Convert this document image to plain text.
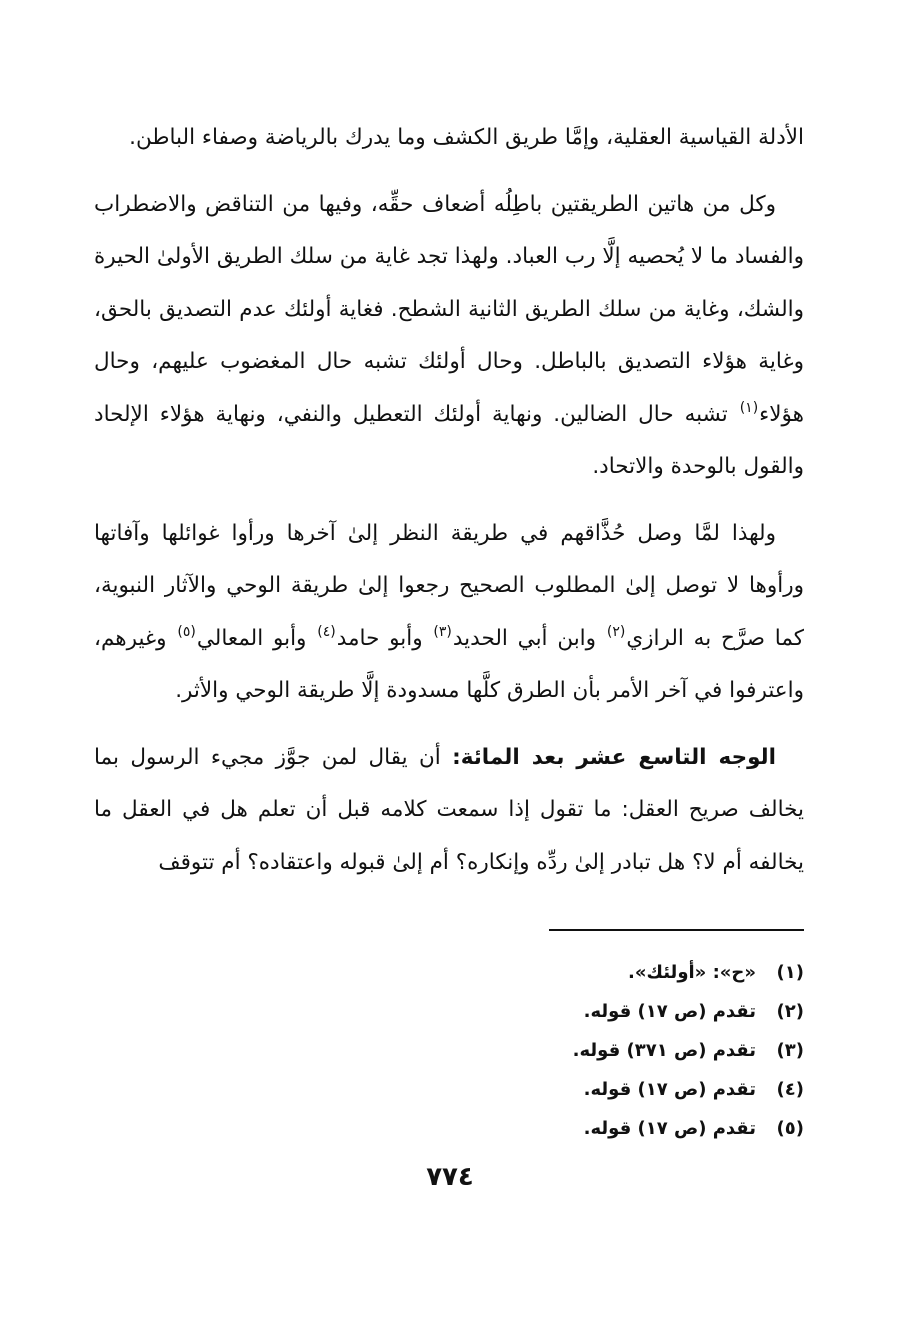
الأدلة القياسية العقلية، وإمَّا طريق الكشف وما يدرك بالرياضة وصفاء الباطن.

وكل من هاتين الطريقتين باطِلُه أضعاف حقِّه، وفيها من التناقض والاضطراب والفساد ما لا يُحصيه إلَّا رب العباد. ولهذا تجد غاية من سلك الطريق الأولىٰ الحيرة والشك، وغاية من سلك الطريق الثانية الشطح. فغاية أولئك عدم التصديق بالحق، وغاية هؤلاء التصديق بالباطل. وحال أولئك تشبه حال المغضوب عليهم، وحال هؤلاء$^{(١)}$ تشبه حال الضالين. ونهاية أولئك التعطيل والنفي، ونهاية هؤلاء الإلحاد والقول بالوحدة والاتحاد.

ولهذا لمَّا وصل حُذَّاقهم في طريقة النظر إلىٰ آخرها ورأوا غوائلها وآفاتها ورأوها لا توصل إلىٰ المطلوب الصحيح رجعوا إلىٰ طريقة الوحي والآثار النبوية، كما صرَّح به الرازي$^{(٢)}$ وابن أبي الحديد$^{(٣)}$ وأبو حامد$^{(٤)}$ وأبو المعالي$^{(٥)}$ وغيرهم، واعترفوا في آخر الأمر بأن الطرق كلَّها مسدودة إلَّا طريقة الوحي والأثر.

الوجه التاسع عشر بعد المائة: أن يقال لمن جوَّز مجيء الرسول بما يخالف صريح العقل: ما تقول إذا سمعت كلامه قبل أن تعلم هل في العقل ما يخالفه أم لا؟ هل تبادر إلىٰ ردِّه وإنكاره؟ أم إلىٰ قبوله واعتقاده؟ أم تتوقف

(١)«ح»: «أولئك».
(٢)تقدم (ص ١٧) قوله.
(٣)تقدم (ص ٣٧١) قوله.
(٤)تقدم (ص ١٧) قوله.
(٥)تقدم (ص ١٧) قوله.
٧٧٤
